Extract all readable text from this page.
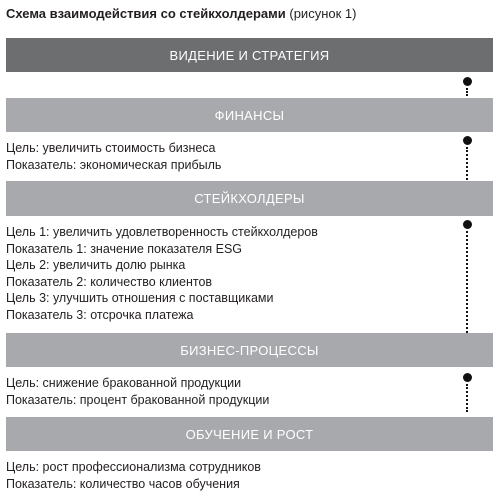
Схема взаимодействия со стейкхолдерами (рисунок 1)
ВИДЕНИЕ И СТРАТЕГИЯ
ФИНАНСЫ
Цель: увеличить стоимость бизнеса
Показатель: экономическая прибыль
СТЕЙКХОЛДЕРЫ
Цель 1: увеличить удовлетворенность стейкхолдеров
Показатель 1: значение показателя ESG
Цель 2: увеличить долю рынка
Показатель 2: количество клиентов
Цель 3: улучшить отношения с поставщиками
Показатель 3: отсрочка платежа
БИЗНЕС-ПРОЦЕССЫ
Цель: снижение бракованной продукции
Показатель: процент бракованной продукции
ОБУЧЕНИЕ И РОСТ
Цель: рост профессионализма сотрудников
Показатель: количество часов обучения
